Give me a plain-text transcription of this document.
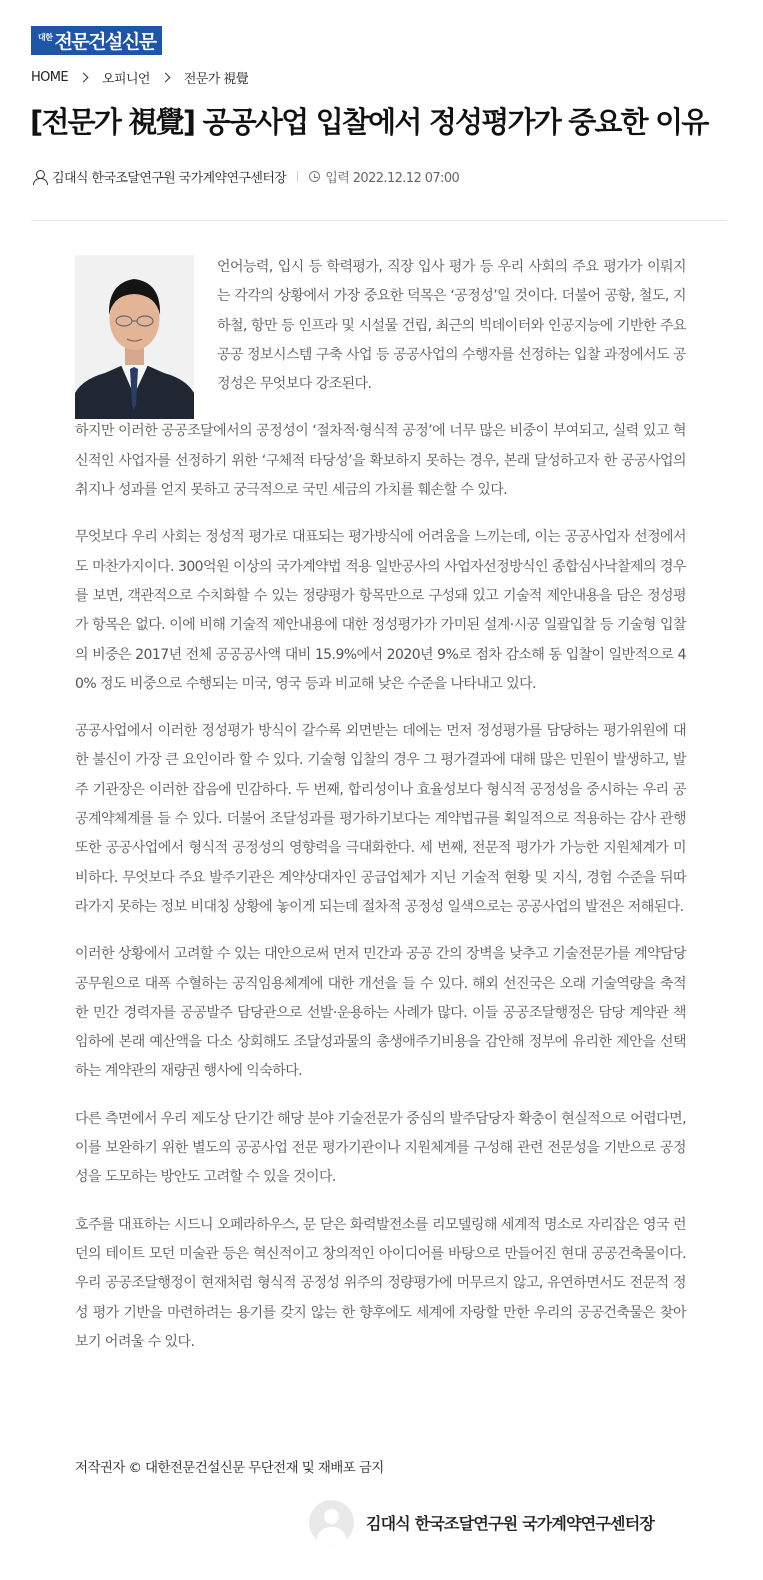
대한 전문건설신문
HOME	오피니언	전문가 視覺
[전문가 視覺] 공공사업 입찰에서 정성평가가 중요한 이유
김대식 한국조달연구원 국가계약연구센터장	입력 2022.12.12 07:00

언어능력, 입시 등 학력평가, 직장 입사 평가 등 우리 사회의 주요 평가가 이뤄지는 각각의 상황에서 가장 중요한 덕목은 ‘공정성’일 것이다. 더불어 공항, 철도, 지하철, 항만 등 인프라 및 시설물 건립, 최근의 빅데이터와 인공지능에 기반한 주요 공공 정보시스템 구축 사업 등 공공사업의 수행자를 선정하는 입찰 과정에서도 공정성은 무엇보다 강조된다.

하지만 이러한 공공조달에서의 공정성이 ‘절차적·형식적 공정’에 너무 많은 비중이 부여되고, 실력 있고 혁신적인 사업자를 선정하기 위한 ‘구체적 타당성’을 확보하지 못하는 경우, 본래 달성하고자 한 공공사업의 취지나 성과를 얻지 못하고 궁극적으로 국민 세금의 가치를 훼손할 수 있다.

무엇보다 우리 사회는 정성적 평가로 대표되는 평가방식에 어려움을 느끼는데, 이는 공공사업자 선정에서도 마찬가지이다. 300억원 이상의 국가계약법 적용 일반공사의 사업자선정방식인 종합심사낙찰제의 경우를 보면, 객관적으로 수치화할 수 있는 정량평가 항목만으로 구성돼 있고 기술적 제안내용을 담은 정성평가 항목은 없다. 이에 비해 기술적 제안내용에 대한 정성평가가 가미된 설계·시공 일괄입찰 등 기술형 입찰의 비중은 2017년 전체 공공공사액 대비 15.9%에서 2020년 9%로 점차 감소해 동 입찰이 일반적으로 40% 정도 비중으로 수행되는 미국, 영국 등과 비교해 낮은 수준을 나타내고 있다.

공공사업에서 이러한 정성평가 방식이 갈수록 외면받는 데에는 먼저 정성평가를 담당하는 평가위원에 대한 불신이 가장 큰 요인이라 할 수 있다. 기술형 입찰의 경우 그 평가결과에 대해 많은 민원이 발생하고, 발주 기관장은 이러한 잡음에 민감하다. 두 번째, 합리성이나 효율성보다 형식적 공정성을 중시하는 우리 공공계약체계를 들 수 있다. 더불어 조달성과를 평가하기보다는 계약법규를 획일적으로 적용하는 감사 관행 또한 공공사업에서 형식적 공정성의 영향력을 극대화한다. 세 번째, 전문적 평가가 가능한 지원체계가 미비하다. 무엇보다 주요 발주기관은 계약상대자인 공급업체가 지닌 기술적 현황 및 지식, 경험 수준을 뒤따라가지 못하는 정보 비대칭 상황에 놓이게 되는데 절차적 공정성 일색으로는 공공사업의 발전은 저해된다.

이러한 상황에서 고려할 수 있는 대안으로써 먼저 민간과 공공 간의 장벽을 낮추고 기술전문가를 계약담당 공무원으로 대폭 수혈하는 공직임용체계에 대한 개선을 들 수 있다. 해외 선진국은 오래 기술역량을 축적한 민간 경력자를 공공발주 담당관으로 선발·운용하는 사례가 많다. 이들 공공조달행정은 담당 계약관 책임하에 본래 예산액을 다소 상회해도 조달성과물의 총생애주기비용을 감안해 정부에 유리한 제안을 선택하는 계약관의 재량권 행사에 익숙하다.

다른 측면에서 우리 제도상 단기간 해당 분야 기술전문가 중심의 발주담당자 확충이 현실적으로 어렵다면, 이를 보완하기 위한 별도의 공공사업 전문 평가기관이나 지원체계를 구성해 관련 전문성을 기반으로 공정성을 도모하는 방안도 고려할 수 있을 것이다.

호주를 대표하는 시드니 오페라하우스, 문 닫은 화력발전소를 리모델링해 세계적 명소로 자리잡은 영국 런던의 테이트 모던 미술관 등은 혁신적이고 창의적인 아이디어를 바탕으로 만들어진 현대 공공건축물이다. 우리 공공조달행정이 현재처럼 형식적 공정성 위주의 정량평가에 머무르지 않고, 유연하면서도 전문적 정성 평가 기반을 마련하려는 용기를 갖지 않는 한 향후에도 세계에 자랑할 만한 우리의 공공건축물은 찾아보기 어려울 수 있다.

저작권자 © 대한전문건설신문 무단전재 및 재배포 금지
김대식 한국조달연구원 국가계약연구센터장
